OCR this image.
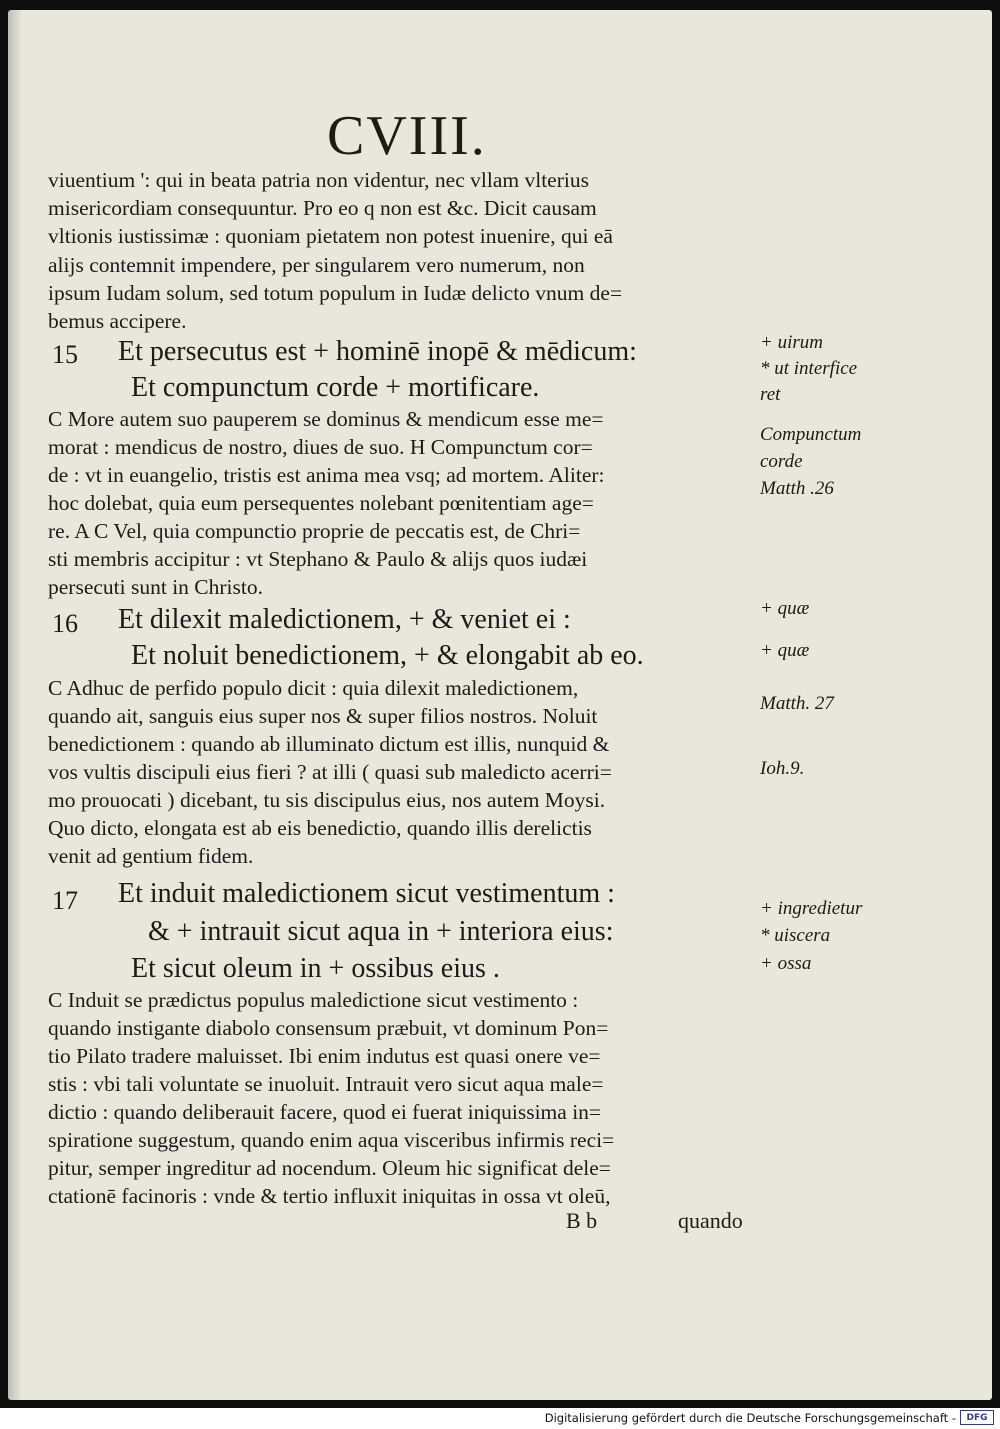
CVIII.
viuentium ': qui in beata patria non videntur, nec vllam vlterius
misericordiam consequuntur. Pro eo q non est &c. Dicit causam
vltionis iustissimæ : quoniam pietatem non potest inuenire, qui eā
alijs contemnit impendere, per singularem vero numerum, non
ipsum Iudam solum, sed totum populum in Iudæ delicto vnum de=
bemus accipere.
15 Et persecutus est + hominē inopē & mēdicum:
Et compunctum corde + mortificare.
C More autem suo pauperem se dominus & mendicum esse me=
morat : mendicus de nostro, diues de suo. H Compunctum cor=
de : vt in euangelio, tristis est anima mea vsq; ad mortem. Aliter:
hoc dolebat, quia eum persequentes nolebant pœnitentiam age=
re. A C Vel, quia compunctio proprie de peccatis est, de Chri=
sti membris accipitur : vt Stephano & Paulo & alijs quos iudæi
persecuti sunt in Christo.
16 Et dilexit maledictionem, + & veniet ei :
Et noluit benedictionem, + & elongabit ab eo.
C Adhuc de perfido populo dicit : quia dilexit maledictionem,
quando ait, sanguis eius super nos & super filios nostros. Noluit
benedictionem : quando ab illuminato dictum est illis, nunquid &
vos vultis discipuli eius fieri ? at illi ( quasi sub maledicto acerri=
mo prouocati ) dicebant, tu sis discipulus eius, nos autem Moysi.
Quo dicto, elongata est ab eis benedictio, quando illis derelictis
venit ad gentium fidem.
17 Et induit maledictionem sicut vestimentum :
& + intrauit sicut aqua in + interiora eius:
Et sicut oleum in + ossibus eius .
C Induit se prædictus populus maledictione sicut vestimento :
quando instigante diabolo consensum præbuit, vt dominum Pon=
tio Pilato tradere maluisset. Ibi enim indutus est quasi onere ve=
stis : vbi tali voluntate se inuoluit. Intrauit vero sicut aqua male=
dictio : quando deliberauit facere, quod ei fuerat iniquissima in=
spiratione suggestum, quando enim aqua visceribus infirmis reci=
pitur, semper ingreditur ad nocendum. Oleum hic significat dele=
ctationē facinoris : vnde & tertio influxit iniquitas in ossa vt oleū,
B b	quando
+ uirum
* ut interfice
ret
Compunctum
corde
Matth .26
+ quæ
+ quæ
Matth. 27
Ioh.9.
+ ingredietur
* uiscera
+ ossa
Digitalisierung gefördert durch die Deutsche Forschungsgemeinschaft -	DFG
